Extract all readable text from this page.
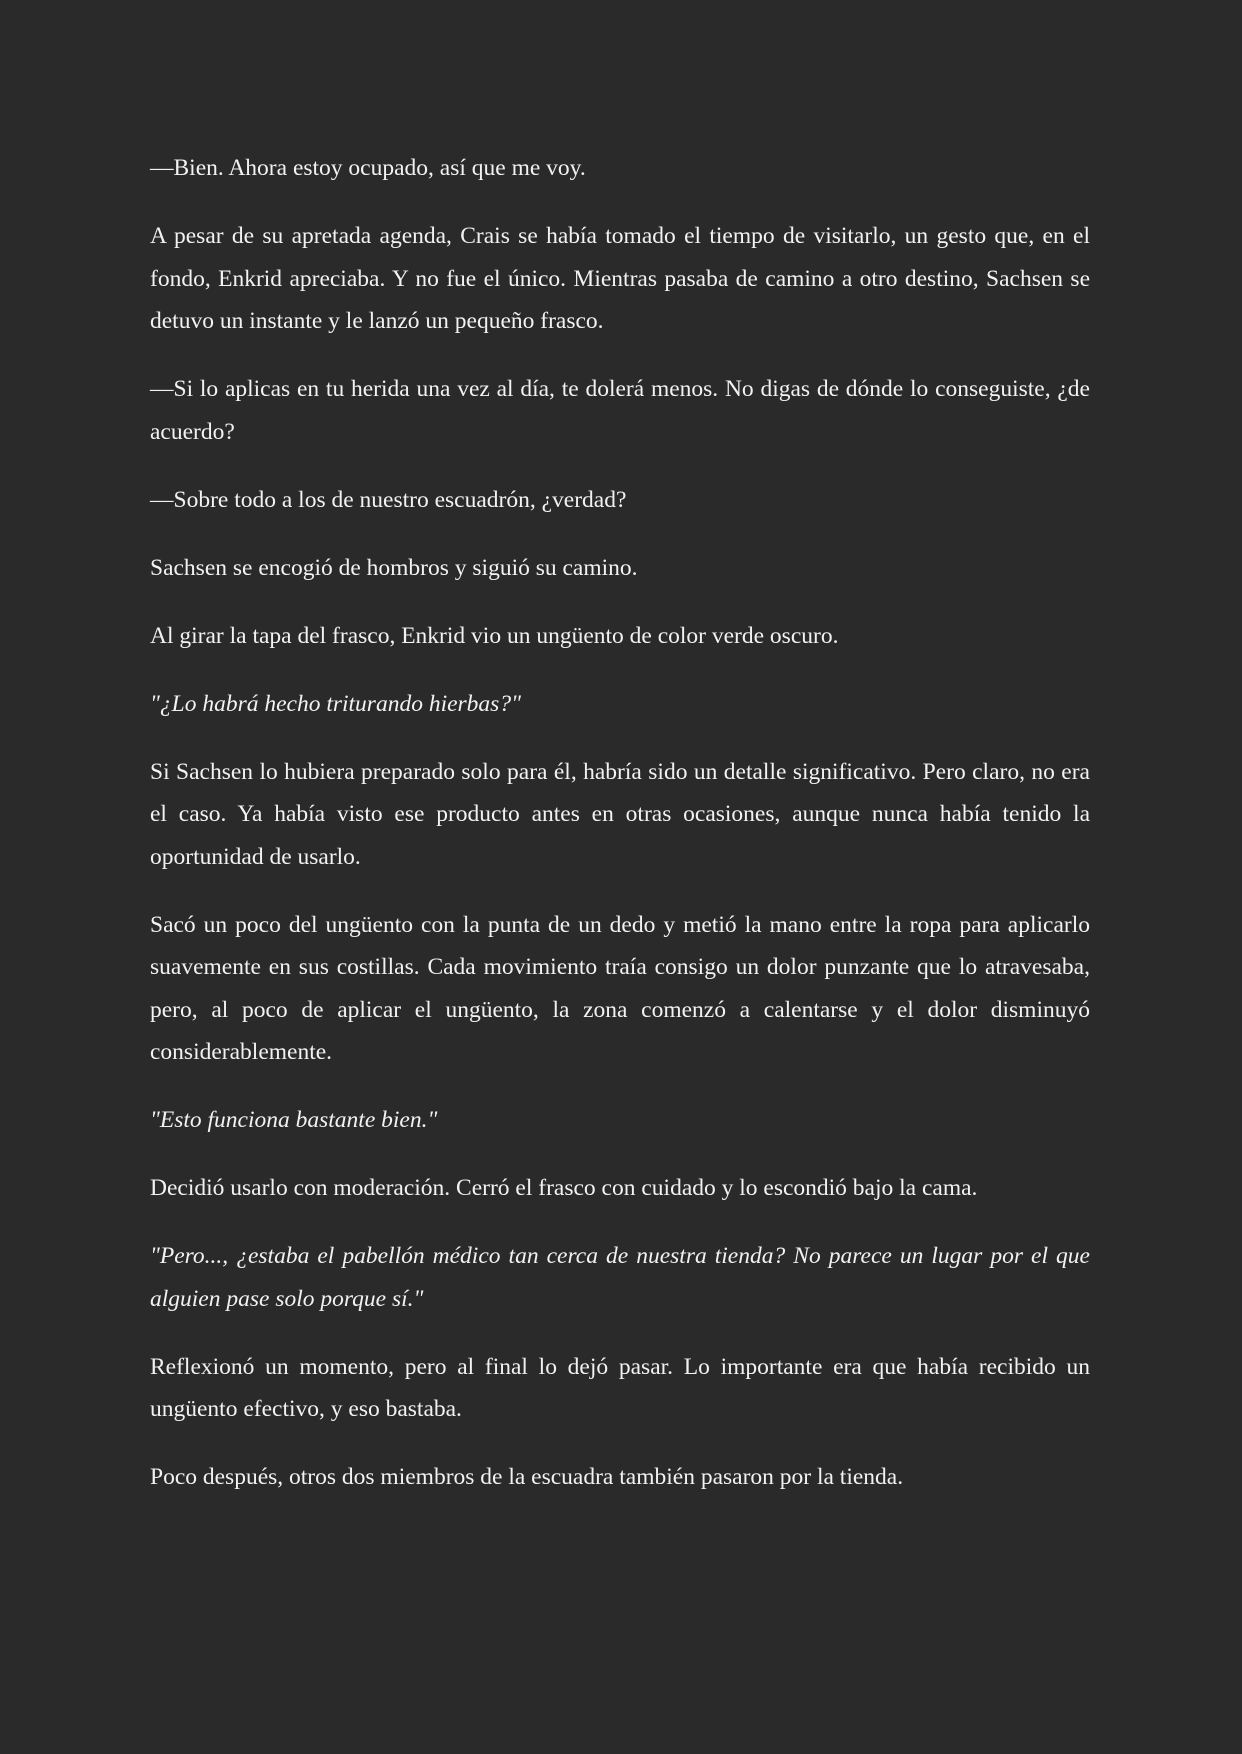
—Bien. Ahora estoy ocupado, así que me voy.

A pesar de su apretada agenda, Crais se había tomado el tiempo de visitarlo, un gesto que, en el fondo, Enkrid apreciaba. Y no fue el único. Mientras pasaba de camino a otro destino, Sachsen se detuvo un instante y le lanzó un pequeño frasco.

—Si lo aplicas en tu herida una vez al día, te dolerá menos. No digas de dónde lo conseguiste, ¿de acuerdo?

—Sobre todo a los de nuestro escuadrón, ¿verdad?

Sachsen se encogió de hombros y siguió su camino.

Al girar la tapa del frasco, Enkrid vio un ungüento de color verde oscuro.

"¿Lo habrá hecho triturando hierbas?"

Si Sachsen lo hubiera preparado solo para él, habría sido un detalle significativo. Pero claro, no era el caso. Ya había visto ese producto antes en otras ocasiones, aunque nunca había tenido la oportunidad de usarlo.

Sacó un poco del ungüento con la punta de un dedo y metió la mano entre la ropa para aplicarlo suavemente en sus costillas. Cada movimiento traía consigo un dolor punzante que lo atravesaba, pero, al poco de aplicar el ungüento, la zona comenzó a calentarse y el dolor disminuyó considerablemente.

"Esto funciona bastante bien."

Decidió usarlo con moderación. Cerró el frasco con cuidado y lo escondió bajo la cama.

"Pero..., ¿estaba el pabellón médico tan cerca de nuestra tienda? No parece un lugar por el que alguien pase solo porque sí."

Reflexionó un momento, pero al final lo dejó pasar. Lo importante era que había recibido un ungüento efectivo, y eso bastaba.

Poco después, otros dos miembros de la escuadra también pasaron por la tienda.
